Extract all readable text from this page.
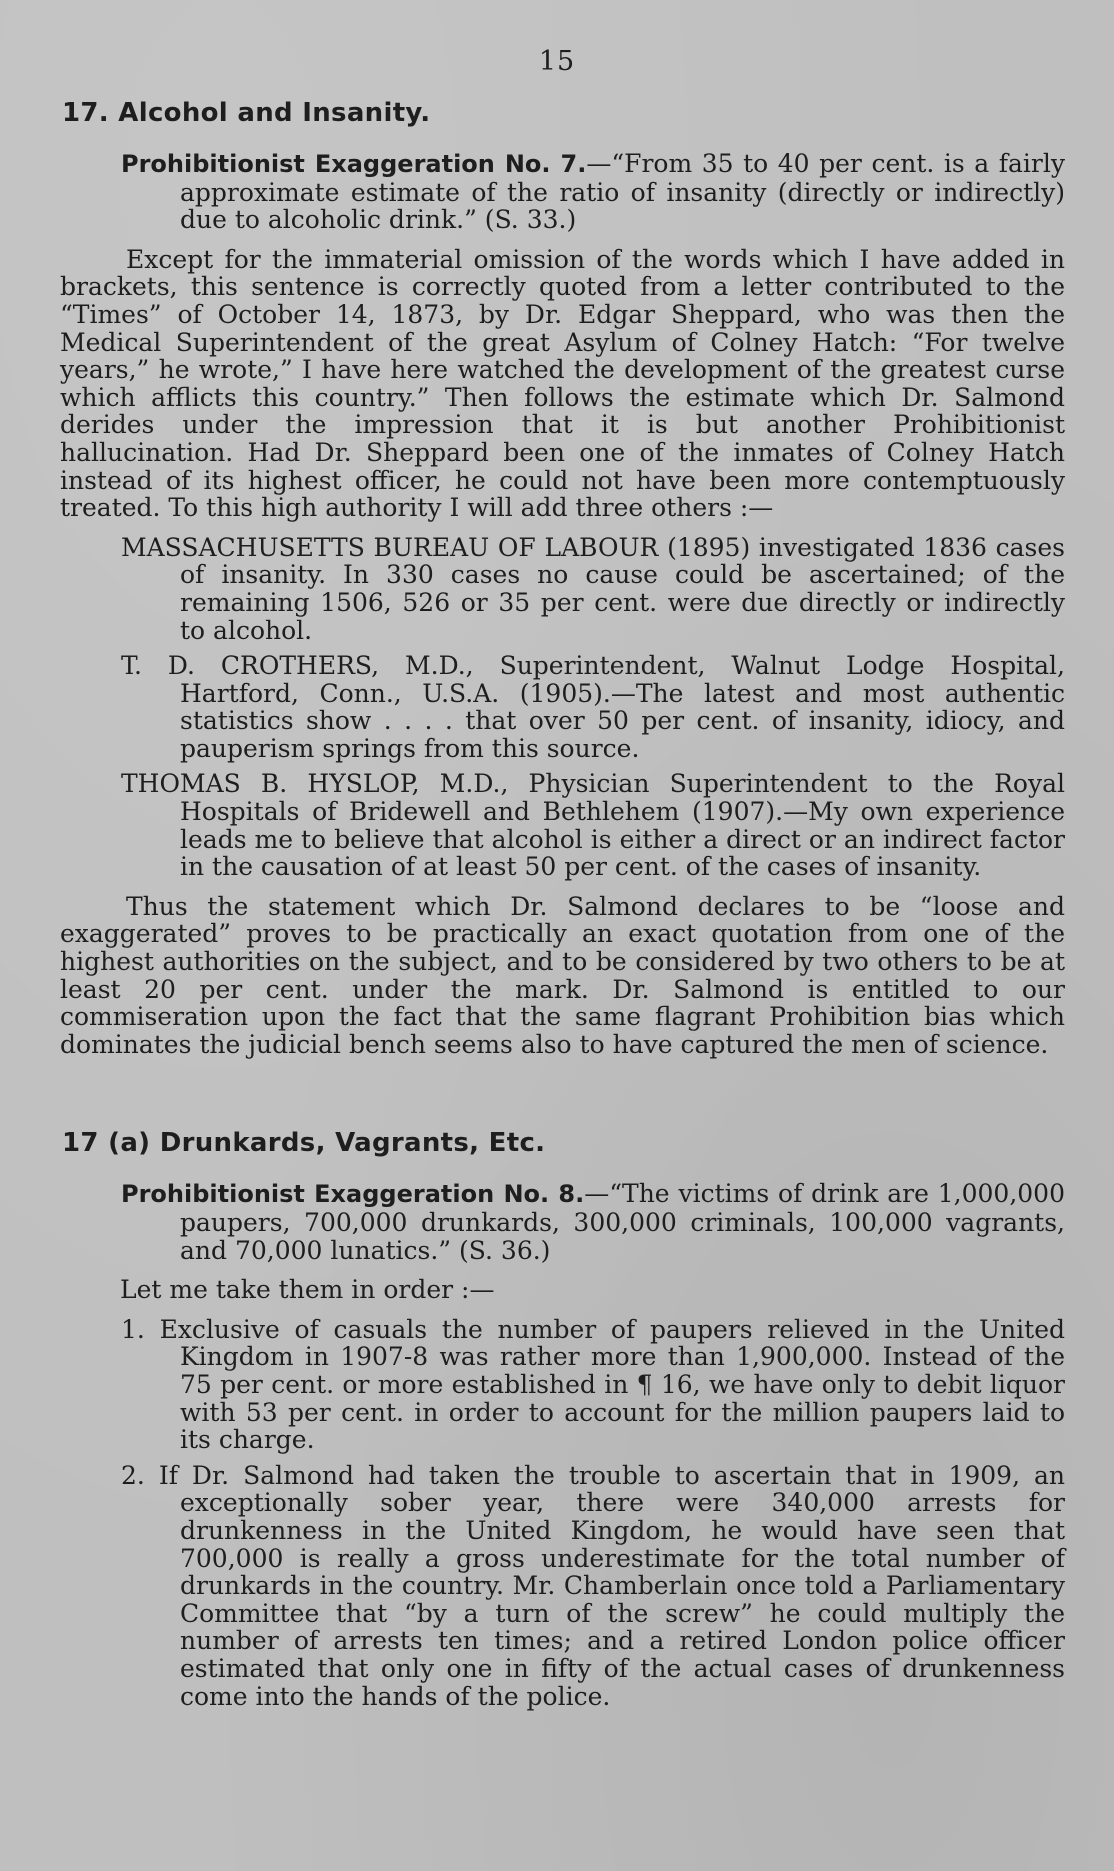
15
17. Alcohol and Insanity.

Prohibitionist Exaggeration No. 7.—“From 35 to 40 per cent. is a fairly approximate estimate of the ratio of insanity (directly or indirectly) due to alcoholic drink.” (S. 33.)

Except for the immaterial omission of the words which I have added in brackets, this sentence is correctly quoted from a letter contributed to the “Times” of October 14, 1873, by Dr. Edgar Sheppard, who was then the Medical Superintendent of the great Asylum of Colney Hatch: “For twelve years,” he wrote,” I have here watched the development of the greatest curse which afflicts this country.” Then follows the estimate which Dr. Salmond derides under the impression that it is but another Prohibitionist hallucination. Had Dr. Sheppard been one of the inmates of Colney Hatch instead of its highest officer, he could not have been more contemptuously treated. To this high authority I will add three others :—

MASSACHUSETTS BUREAU OF LABOUR (1895) investigated 1836 cases of insanity. In 330 cases no cause could be ascertained; of the remaining 1506, 526 or 35 per cent. were due directly or indirectly to alcohol.

T. D. CROTHERS, M.D., Superintendent, Walnut Lodge Hospital, Hartford, Conn., U.S.A. (1905).—The latest and most authentic statistics show . . . . that over 50 per cent. of insanity, idiocy, and pauperism springs from this source.

THOMAS B. HYSLOP, M.D., Physician Superintendent to the Royal Hospitals of Bridewell and Bethlehem (1907).—My own experience leads me to believe that alcohol is either a direct or an indirect factor in the causation of at least 50 per cent. of the cases of insanity.

Thus the statement which Dr. Salmond declares to be “loose and exaggerated” proves to be practically an exact quotation from one of the highest authorities on the subject, and to be considered by two others to be at least 20 per cent. under the mark. Dr. Salmond is entitled to our commiseration upon the fact that the same flagrant Prohibition bias which dominates the judicial bench seems also to have captured the men of science.

17 (a) Drunkards, Vagrants, Etc.

Prohibitionist Exaggeration No. 8.—“The victims of drink are 1,000,000 paupers, 700,000 drunkards, 300,000 criminals, 100,000 vagrants, and 70,000 lunatics.” (S. 36.)

Let me take them in order :—

1. Exclusive of casuals the number of paupers relieved in the United Kingdom in 1907-8 was rather more than 1,900,000. Instead of the 75 per cent. or more established in ¶ 16, we have only to debit liquor with 53 per cent. in order to account for the million paupers laid to its charge.

2. If Dr. Salmond had taken the trouble to ascertain that in 1909, an exceptionally sober year, there were 340,000 arrests for drunkenness in the United Kingdom, he would have seen that 700,000 is really a gross underestimate for the total number of drunkards in the country. Mr. Chamberlain once told a Parliamentary Committee that “by a turn of the screw” he could multiply the number of arrests ten times; and a retired London police officer estimated that only one in fifty of the actual cases of drunkenness come into the hands of the police.
